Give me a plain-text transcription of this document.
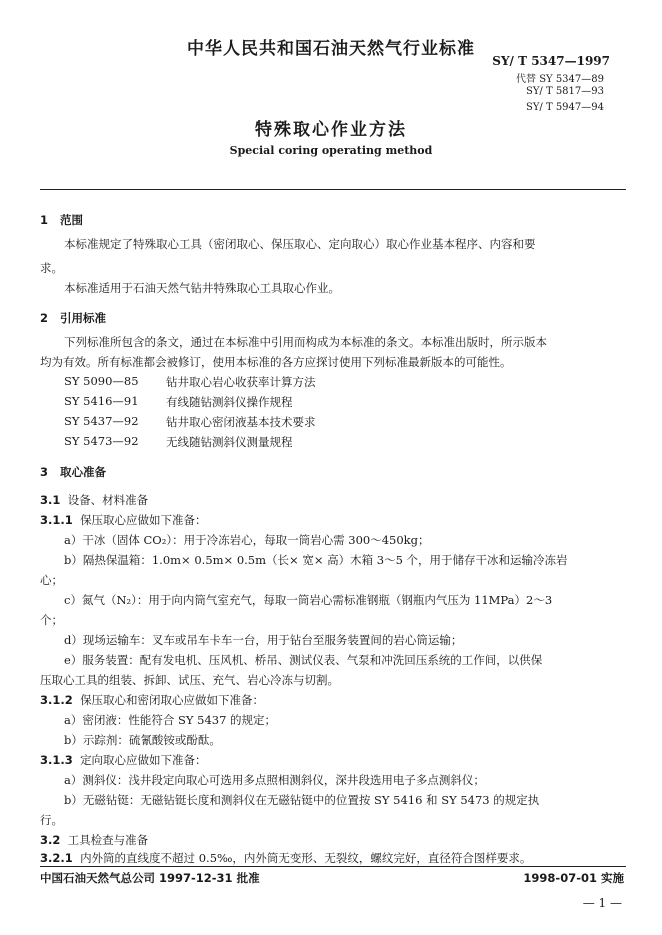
中华人民共和国石油天然气行业标准
SY/ T 5347—1997
代替 SY 5347—89
SY/ T 5817—93
SY/ T 5947—94
特殊取心作业方法
Special coring operating method
1 范围
本标准规定了特殊取心工具（密闭取心、保压取心、定向取心）取心作业基本程序、内容和要
求。
本标准适用于石油天然气钻井特殊取心工具取心作业。
2 引用标准
下列标准所包含的条文，通过在本标准中引用而构成为本标准的条文。本标准出版时，所示版本
均为有效。所有标准都会被修订，使用本标准的各方应探讨使用下列标准最新版本的可能性。
SY 5090—85 钻井取心岩心收获率计算方法
SY 5416—91 有线随钻测斜仪操作规程
SY 5437—92 钻井取心密闭液基本技术要求
SY 5473—92 无线随钻测斜仪测量规程
3 取心准备
3.1 设备、材料准备
3.1.1 保压取心应做如下准备：
a）干冰（固体 CO₂）：用于冷冻岩心，每取一筒岩心需 300～450kg；
b）隔热保温箱：1.0m× 0.5m× 0.5m（长× 宽× 高）木箱 3～5 个，用于储存干冰和运输冷冻岩
心；
c）氮气（N₂）：用于向内筒气室充气，每取一筒岩心需标准钢瓶（钢瓶内气压为 11MPa）2～3
个；
d）现场运输车：叉车或吊车卡车一台，用于钻台至服务装置间的岩心筒运输；
e）服务装置：配有发电机、压风机、桥吊、测试仪表、气泵和冲洗回压系统的工作间，以供保
压取心工具的组装、拆卸、试压、充气、岩心冷冻与切割。
3.1.2 保压取心和密闭取心应做如下准备：
a）密闭液：性能符合 SY 5437 的规定；
b）示踪剂：硫氰酸铵或酚酞。
3.1.3 定向取心应做如下准备：
a）测斜仪：浅井段定向取心可选用多点照相测斜仪，深井段选用电子多点测斜仪；
b）无磁钻铤：无磁钻铤长度和测斜仪在无磁钻铤中的位置按 SY 5416 和 SY 5473 的规定执
行。
3.2 工具检查与准备
3.2.1 内外筒的直线度不超过 0.5‰，内外筒无变形、无裂纹，螺纹完好，直径符合图样要求。
中国石油天然气总公司 1997-12-31 批准	1998-07-01 实施
— 1 —
